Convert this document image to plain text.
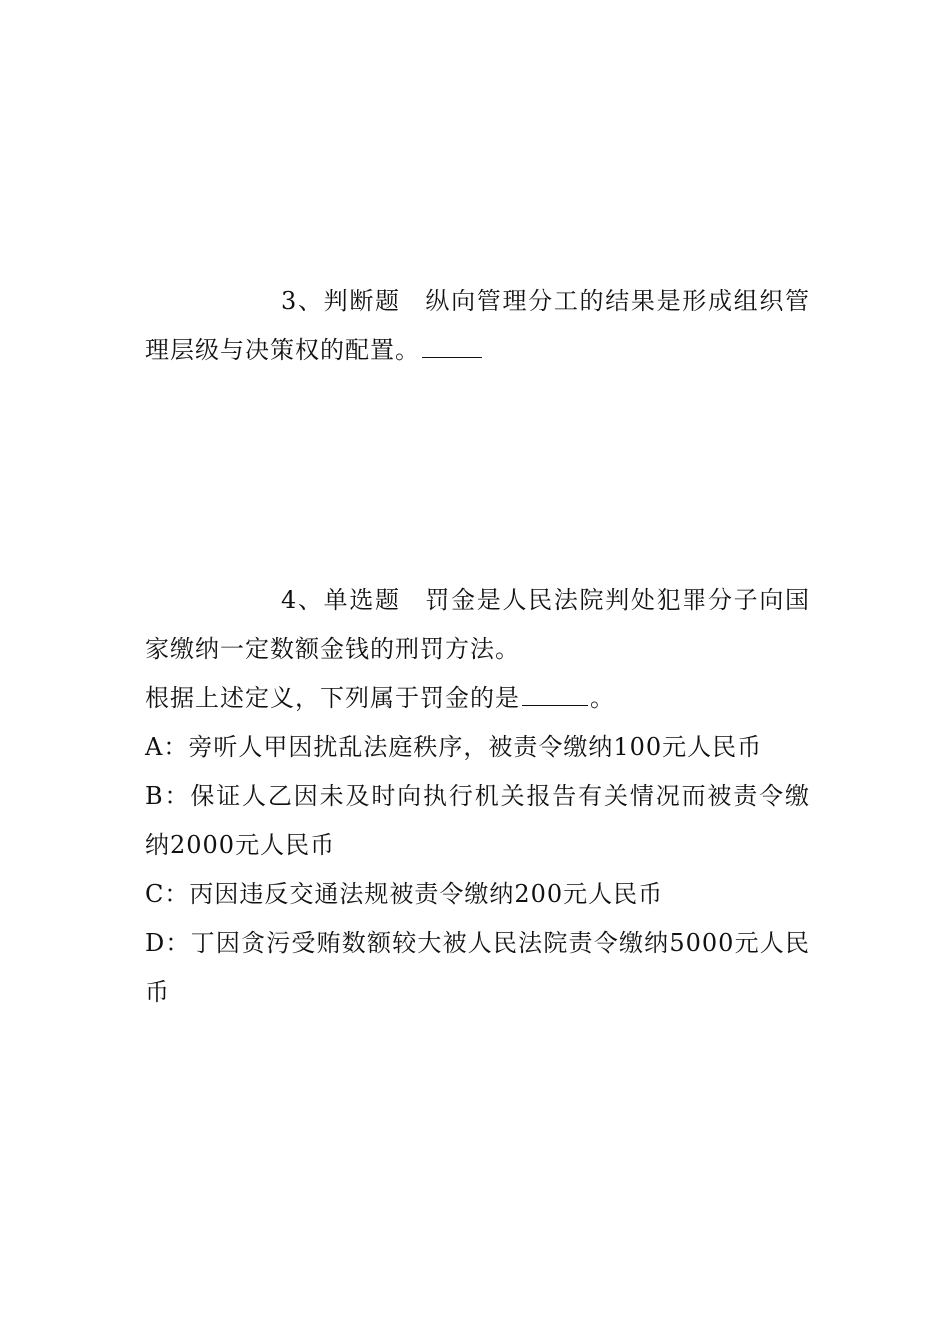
3、判断题 纵向管理分工的结果是形成组织管理层级与决策权的配置。

4、单选题 罚金是人民法院判处犯罪分子向国家缴纳一定数额金钱的刑罚方法。

根据上述定义，下列属于罚金的是	。

A：旁听人甲因扰乱法庭秩序，被责令缴纳100元人民币

B：保证人乙因未及时向执行机关报告有关情况而被责令缴纳2000元人民币

C：丙因违反交通法规被责令缴纳200元人民币

D：丁因贪污受贿数额较大被人民法院责令缴纳5000元人民币
